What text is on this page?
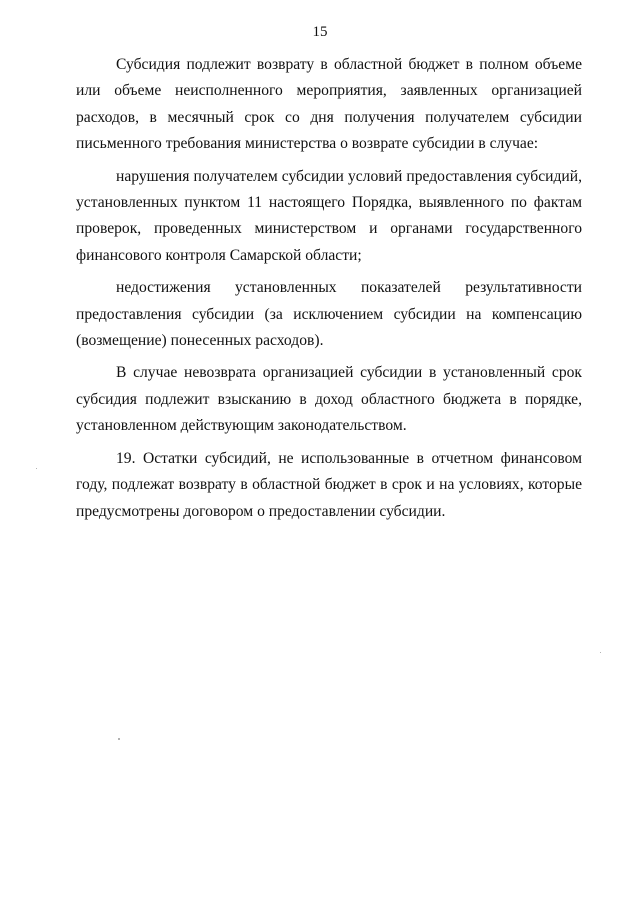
15

Субсидия подлежит возврату в областной бюджет в полном объеме или объеме неисполненного мероприятия, заявленных организацией расходов, в месячный срок со дня получения получателем субсидии письменного требования министерства о возврате субсидии в случае:

нарушения получателем субсидии условий предоставления субсидий, установленных пунктом 11 настоящего Порядка, выявленного по фактам проверок, проведенных министерством и органами государственного финансового контроля Самарской области;

недостижения установленных показателей результативности предоставления субсидии (за исключением субсидии на компенсацию (возмещение) понесенных расходов).

В случае невозврата организацией субсидии в установленный срок субсидия подлежит взысканию в доход областного бюджета в порядке, установленном действующим законодательством.

19. Остатки субсидий, не использованные в отчетном финансовом году, подлежат возврату в областной бюджет в срок и на условиях, которые предусмотрены договором о предоставлении субсидии.
